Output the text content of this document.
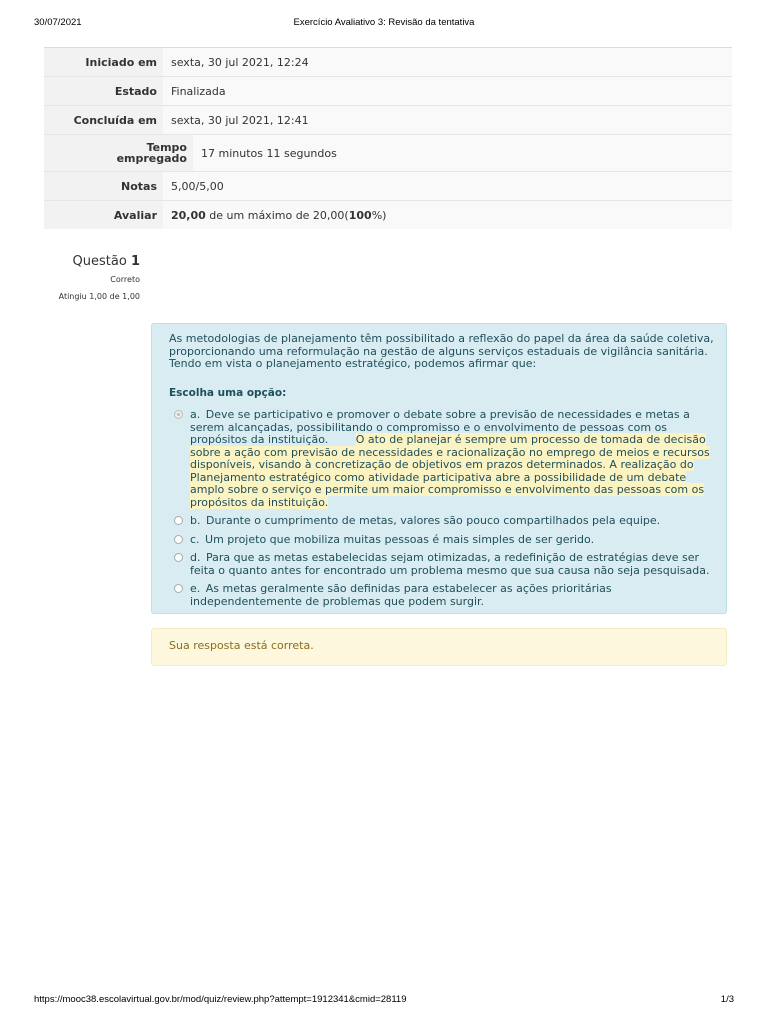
30/07/2021	Exercício Avaliativo 3: Revisão da tentativa
Iniciado em	sexta, 30 jul 2021, 12:24
Estado	Finalizada
Concluída em	sexta, 30 jul 2021, 12:41
Tempo empregado	17 minutos 11 segundos
Notas	5,00/5,00
Avaliar	20,00 de um máximo de 20,00( 100 %)
Questão 1
Correto
Atingiu 1,00 de 1,00
As metodologias de planejamento têm possibilitado a reflexão do papel da área da saúde coletiva, proporcionando uma reformulação na gestão de alguns serviços estaduais de vigilância sanitária. Tendo em vista o planejamento estratégico, podemos afirmar que:
Escolha uma opção:
a. Deve se participativo e promover o debate sobre a previsão de necessidades e metas a serem alcançadas, possibilitando o compromisso e o envolvimento de pessoas com os propósitos da instituição.	O ato de planejar é sempre um processo de tomada de decisão sobre a ação com previsão de necessidades e racionalização no emprego de meios e recursos disponíveis, visando à concretização de objetivos em prazos determinados. A realização do Planejamento estratégico como atividade participativa abre a possibilidade de um debate amplo sobre o serviço e permite um maior compromisso e envolvimento das pessoas com os propósitos da instituição.
b. Durante o cumprimento de metas, valores são pouco compartilhados pela equipe.
c. Um projeto que mobiliza muitas pessoas é mais simples de ser gerido.
d. Para que as metas estabelecidas sejam otimizadas, a redefinição de estratégias deve ser feita o quanto antes for encontrado um problema mesmo que sua causa não seja pesquisada.
e. As metas geralmente são definidas para estabelecer as ações prioritárias independentemente de problemas que podem surgir.
Sua resposta está correta.
https://mooc38.escolavirtual.gov.br/mod/quiz/review.php?attempt=1912341&cmid=28119	1/3
